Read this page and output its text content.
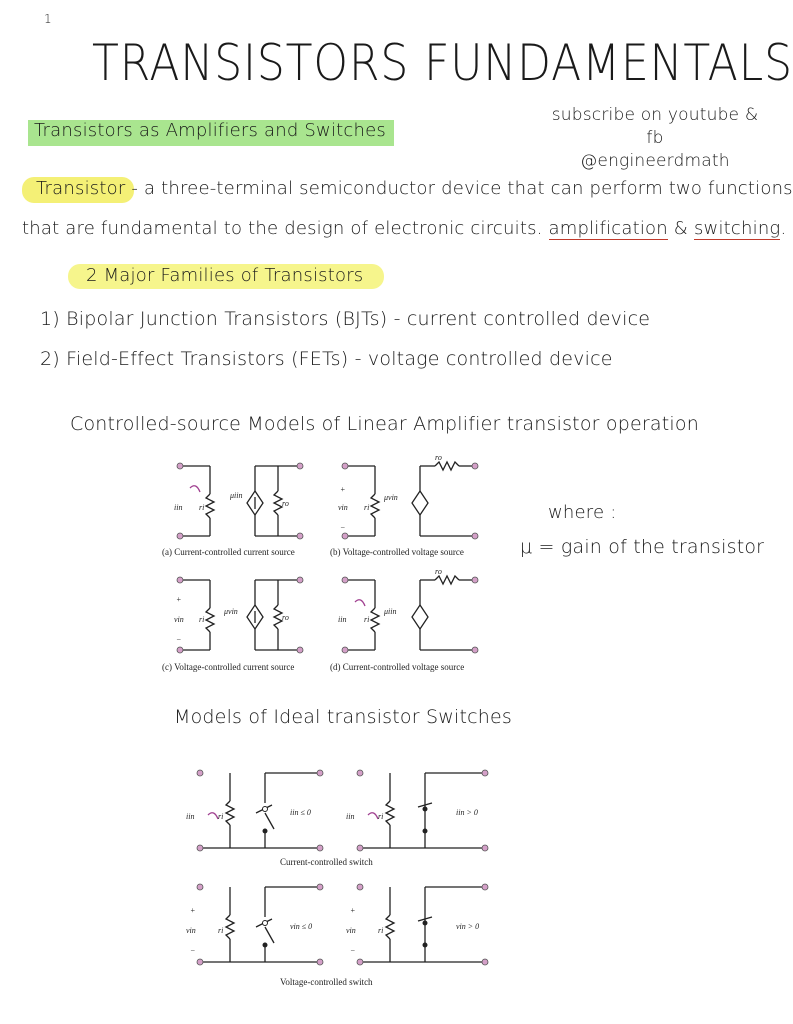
1
TRANSISTORS FUNDAMENTALS
Transistors as Amplifiers and Switches
subscribe on youtube & fb
@engineerdmath
Transistor - a three-terminal semiconductor device that can perform two functions
that are fundamental to the design of electronic circuits. amplification & switching.
2 Major Families of Transistors
1) Bipolar Junction Transistors (BJTs) - current controlled device
2) Field-Effect Transistors (FETs) - voltage controlled device
Controlled-source Models of Linear Amplifier transistor operation
where :
μ = gain of the transistor
iin ri
μiin
ro
+
vin
−
ri
μvin
ro
+
vin
−
ri
μvin
ro	iin ri
μiin
ro
(a) Current-controlled current source	(b) Voltage-controlled voltage source
(c) Voltage-controlled current source	(d) Current-controlled voltage source
Models of Ideal transistor Switches
iin	ri	iin ≤ 0	iin	ri	iin > 0
+
vin
−
ri	vin ≤ 0
+
vin
−
ri	vin > 0
Current-controlled switch
Voltage-controlled switch
